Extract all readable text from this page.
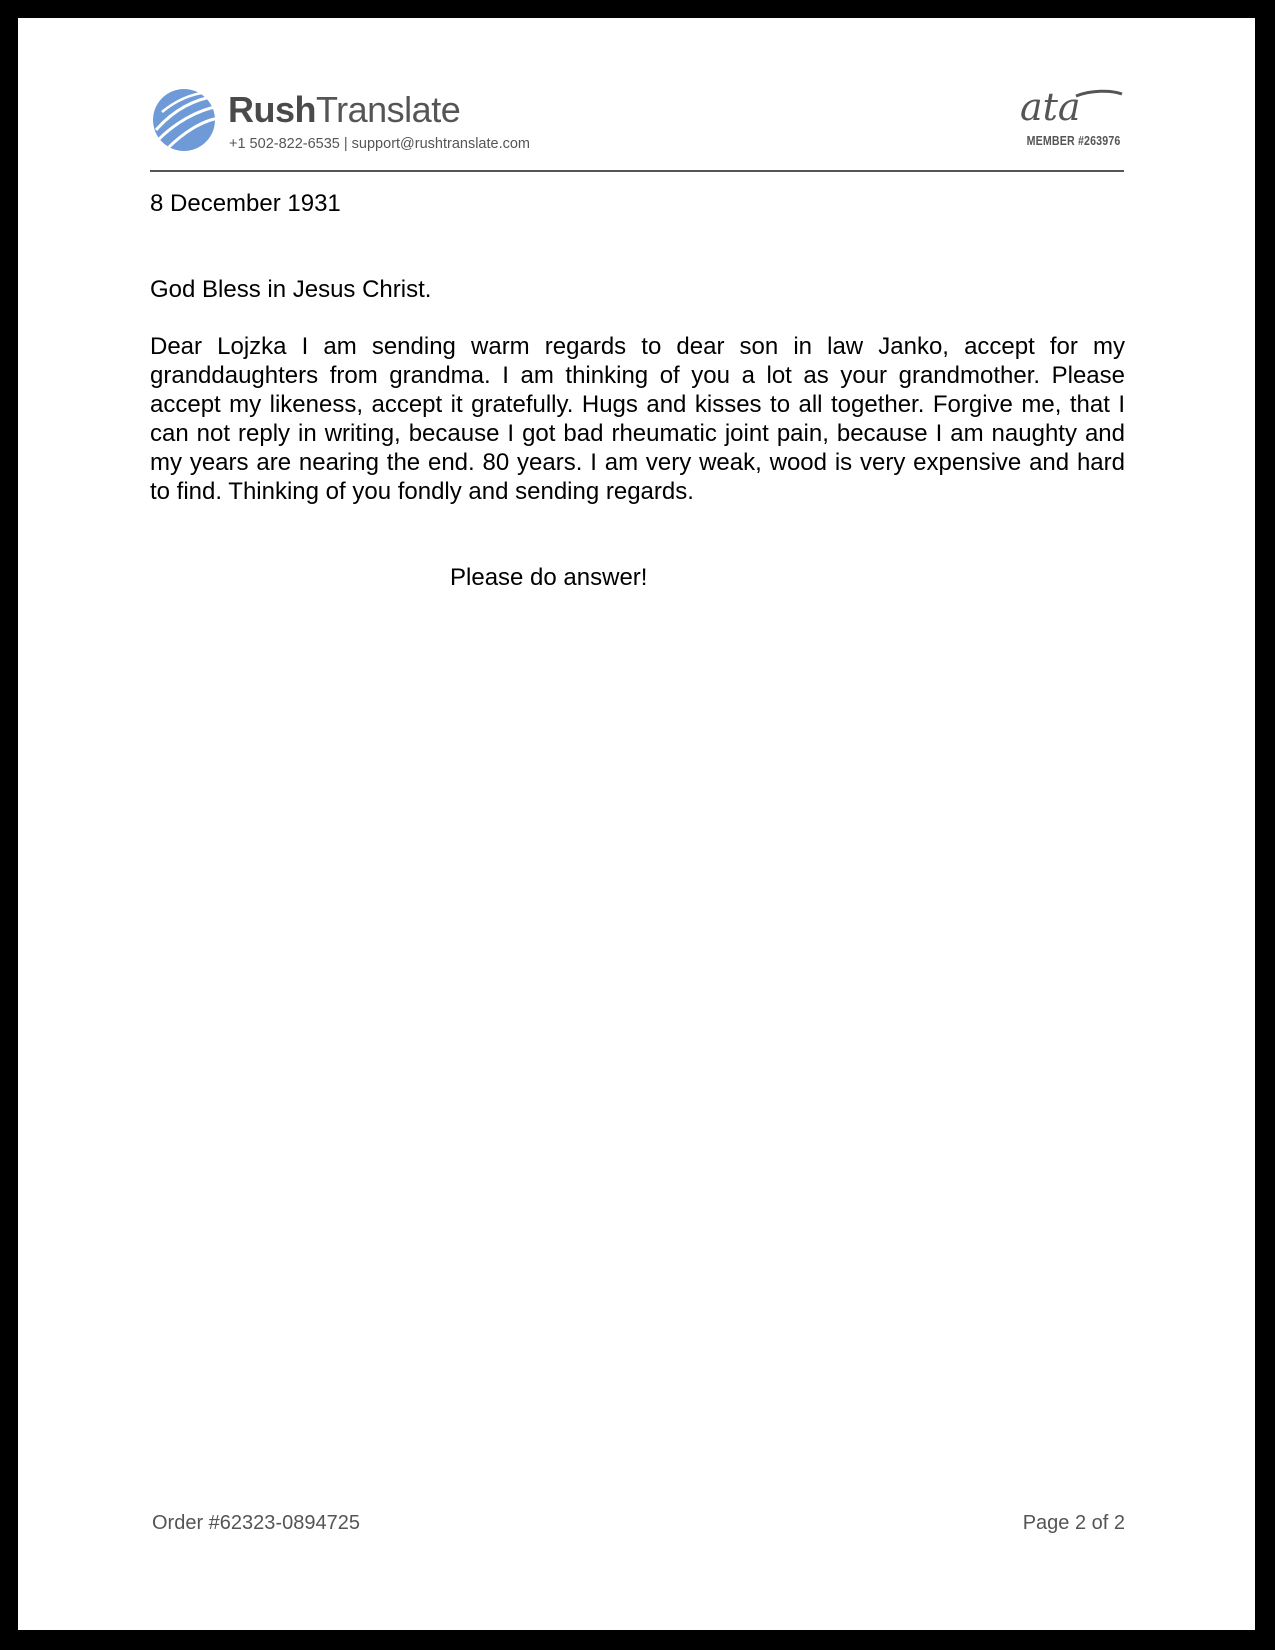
RushTranslate
+1 502-822-6535 | support@rushtranslate.com
ata
MEMBER #263976
8 December 1931
God Bless in Jesus Christ.

Dear Lojzka I am sending warm regards to dear son in law Janko, accept for my granddaughters from grandma. I am thinking of you a lot as your grandmother. Please accept my likeness, accept it gratefully. Hugs and kisses to all together. Forgive me, that I can not reply in writing, because I got bad rheumatic joint pain, because I am naughty and my years are nearing the end. 80 years. I am very weak, wood is very expensive and hard to find. Thinking of you fondly and sending regards.

Please do answer!
Order #62323-0894725	Page 2 of 2
